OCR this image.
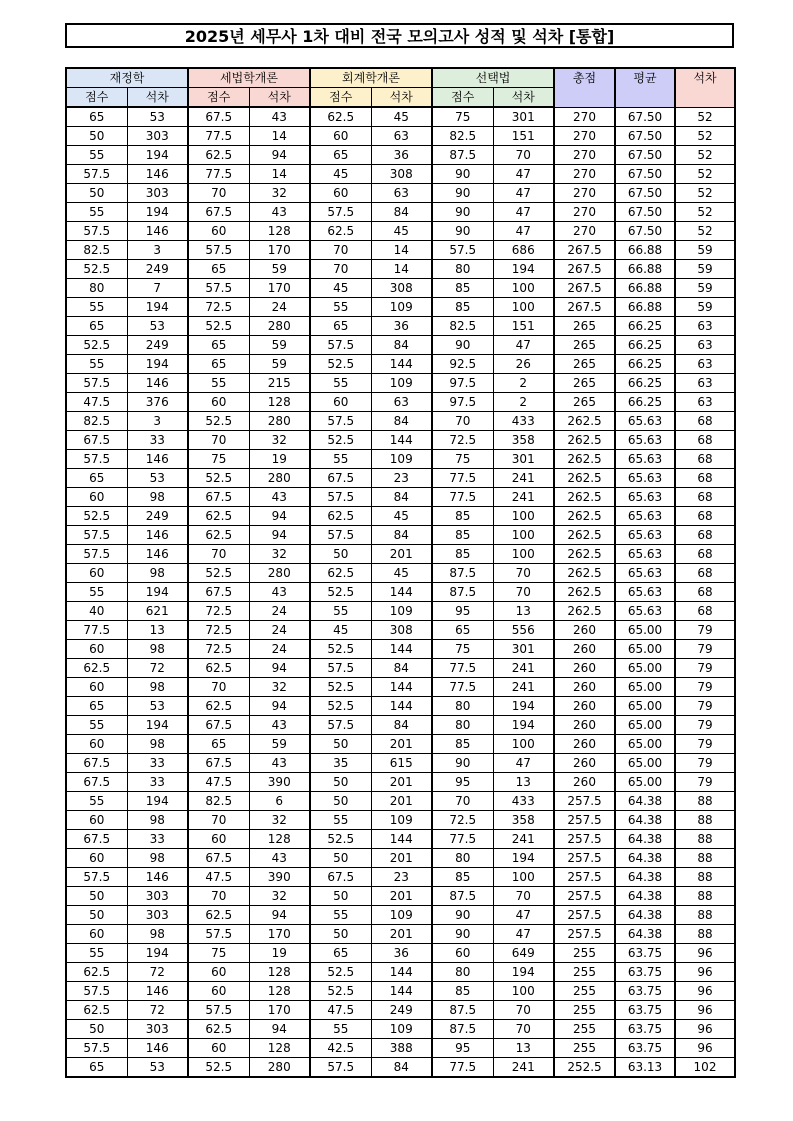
2025년 세무사 1차 대비 전국 모의고사 성적 및 석차 [통합]
재정학		세법학개론		회계학개론		선택법		총점	평균	석차
점수	석차	점수	석차	점수	석차	점수	석차			
65	53	67.5	43	62.5	45	75	301	270	67.50	52
50	303	77.5	14	60	63	82.5	151	270	67.50	52
55	194	62.5	94	65	36	87.5	70	270	67.50	52
57.5	146	77.5	14	45	308	90	47	270	67.50	52
50	303	70	32	60	63	90	47	270	67.50	52
55	194	67.5	43	57.5	84	90	47	270	67.50	52
57.5	146	60	128	62.5	45	90	47	270	67.50	52
82.5	3	57.5	170	70	14	57.5	686	267.5	66.88	59
52.5	249	65	59	70	14	80	194	267.5	66.88	59
80	7	57.5	170	45	308	85	100	267.5	66.88	59
55	194	72.5	24	55	109	85	100	267.5	66.88	59
65	53	52.5	280	65	36	82.5	151	265	66.25	63
52.5	249	65	59	57.5	84	90	47	265	66.25	63
55	194	65	59	52.5	144	92.5	26	265	66.25	63
57.5	146	55	215	55	109	97.5	2	265	66.25	63
47.5	376	60	128	60	63	97.5	2	265	66.25	63
82.5	3	52.5	280	57.5	84	70	433	262.5	65.63	68
67.5	33	70	32	52.5	144	72.5	358	262.5	65.63	68
57.5	146	75	19	55	109	75	301	262.5	65.63	68
65	53	52.5	280	67.5	23	77.5	241	262.5	65.63	68
60	98	67.5	43	57.5	84	77.5	241	262.5	65.63	68
52.5	249	62.5	94	62.5	45	85	100	262.5	65.63	68
57.5	146	62.5	94	57.5	84	85	100	262.5	65.63	68
57.5	146	70	32	50	201	85	100	262.5	65.63	68
60	98	52.5	280	62.5	45	87.5	70	262.5	65.63	68
55	194	67.5	43	52.5	144	87.5	70	262.5	65.63	68
40	621	72.5	24	55	109	95	13	262.5	65.63	68
77.5	13	72.5	24	45	308	65	556	260	65.00	79
60	98	72.5	24	52.5	144	75	301	260	65.00	79
62.5	72	62.5	94	57.5	84	77.5	241	260	65.00	79
60	98	70	32	52.5	144	77.5	241	260	65.00	79
65	53	62.5	94	52.5	144	80	194	260	65.00	79
55	194	67.5	43	57.5	84	80	194	260	65.00	79
60	98	65	59	50	201	85	100	260	65.00	79
67.5	33	67.5	43	35	615	90	47	260	65.00	79
67.5	33	47.5	390	50	201	95	13	260	65.00	79
55	194	82.5	6	50	201	70	433	257.5	64.38	88
60	98	70	32	55	109	72.5	358	257.5	64.38	88
67.5	33	60	128	52.5	144	77.5	241	257.5	64.38	88
60	98	67.5	43	50	201	80	194	257.5	64.38	88
57.5	146	47.5	390	67.5	23	85	100	257.5	64.38	88
50	303	70	32	50	201	87.5	70	257.5	64.38	88
50	303	62.5	94	55	109	90	47	257.5	64.38	88
60	98	57.5	170	50	201	90	47	257.5	64.38	88
55	194	75	19	65	36	60	649	255	63.75	96
62.5	72	60	128	52.5	144	80	194	255	63.75	96
57.5	146	60	128	52.5	144	85	100	255	63.75	96
62.5	72	57.5	170	47.5	249	87.5	70	255	63.75	96
50	303	62.5	94	55	109	87.5	70	255	63.75	96
57.5	146	60	128	42.5	388	95	13	255	63.75	96
65	53	52.5	280	57.5	84	77.5	241	252.5	63.13	102
